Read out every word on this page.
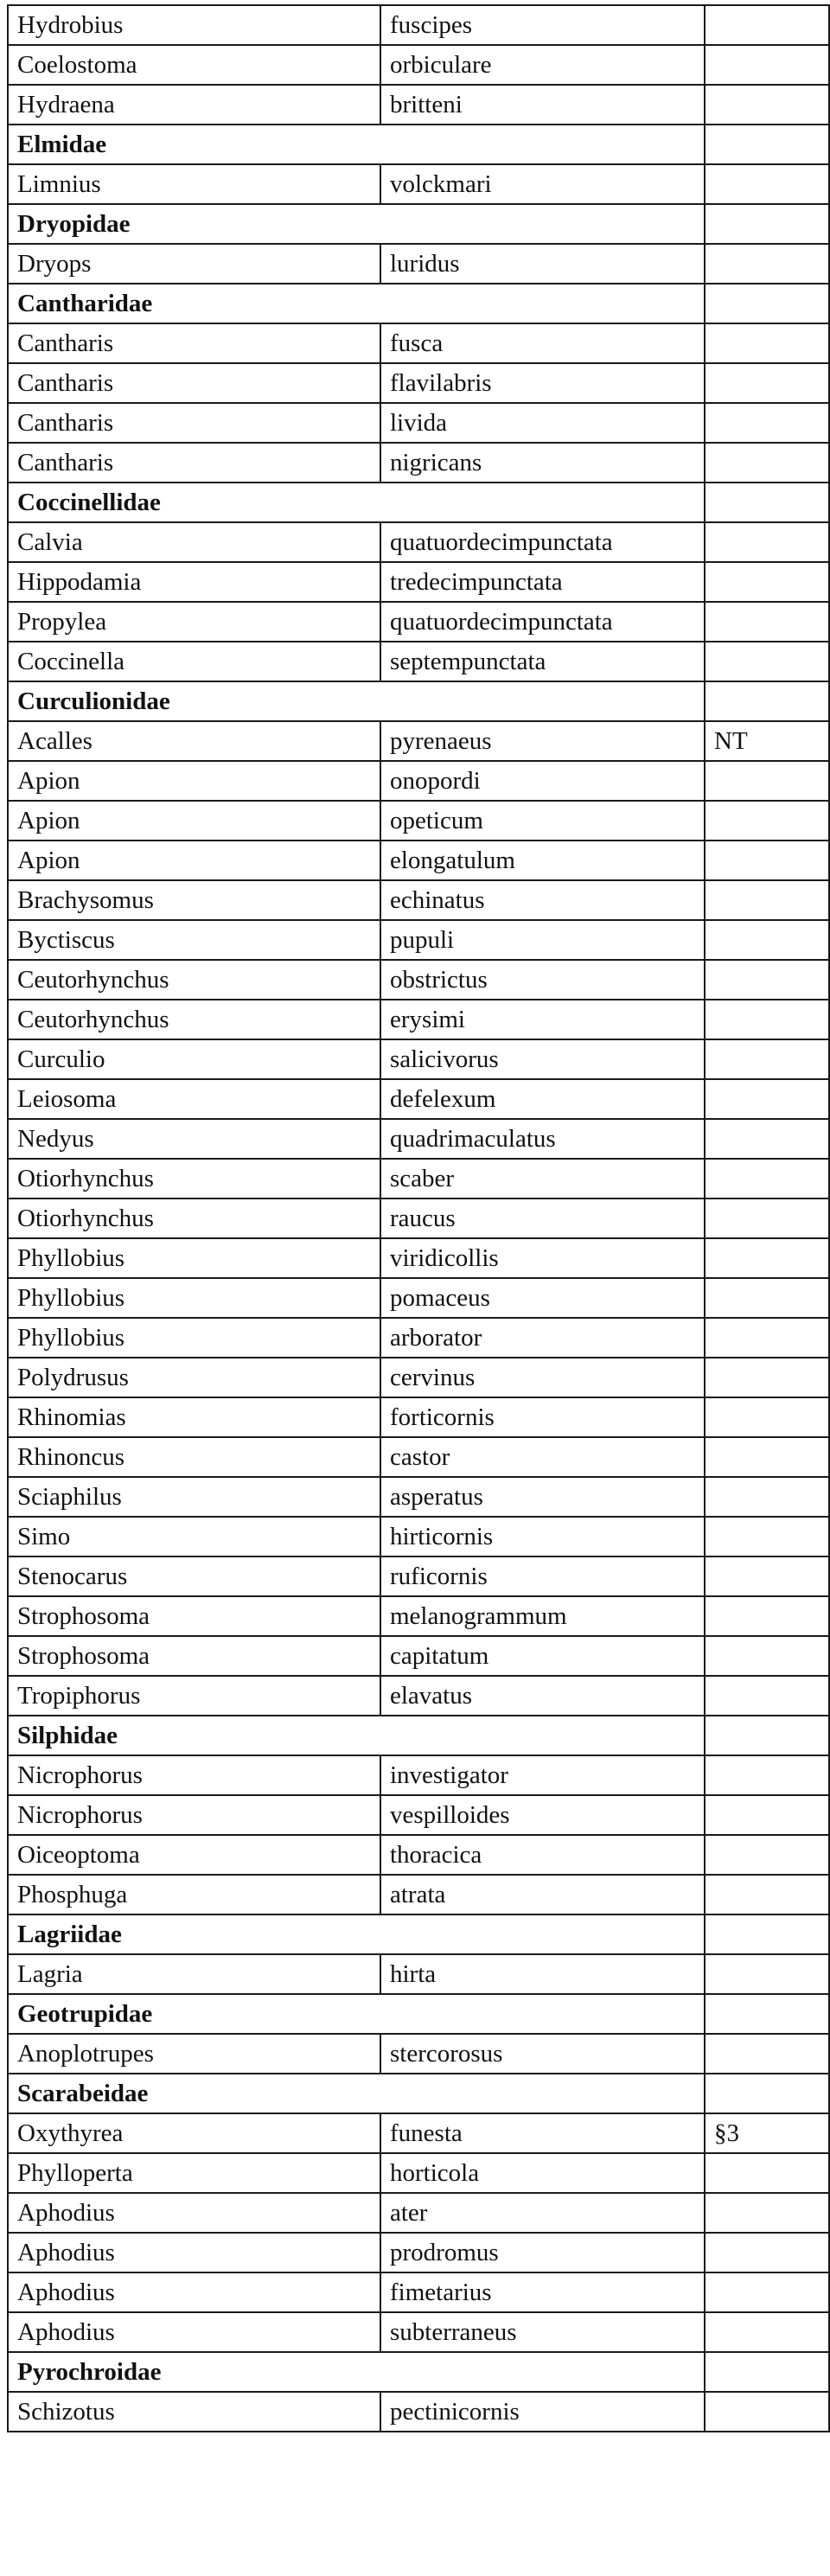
Hydrobius	fuscipes	
Coelostoma	orbiculare	
Hydraena	britteni	
Elmidae		
Limnius	volckmari	
Dryopidae		
Dryops	luridus	
Cantharidae		
Cantharis	fusca	
Cantharis	flavilabris	
Cantharis	livida	
Cantharis	nigricans	
Coccinellidae		
Calvia	quatuordecimpunctata	
Hippodamia	tredecimpunctata	
Propylea	quatuordecimpunctata	
Coccinella	septempunctata	
Curculionidae		
Acalles	pyrenaeus	NT
Apion	onopordi	
Apion	opeticum	
Apion	elongatulum	
Brachysomus	echinatus	
Byctiscus	pupuli	
Ceutorhynchus	obstrictus	
Ceutorhynchus	erysimi	
Curculio	salicivorus	
Leiosoma	defelexum	
Nedyus	quadrimaculatus	
Otiorhynchus	scaber	
Otiorhynchus	raucus	
Phyllobius	viridicollis	
Phyllobius	pomaceus	
Phyllobius	arborator	
Polydrusus	cervinus	
Rhinomias	forticornis	
Rhinoncus	castor	
Sciaphilus	asperatus	
Simo	hirticornis	
Stenocarus	ruficornis	
Strophosoma	melanogrammum	
Strophosoma	capitatum	
Tropiphorus	elavatus	
Silphidae		
Nicrophorus	investigator	
Nicrophorus	vespilloides	
Oiceoptoma	thoracica	
Phosphuga	atrata	
Lagriidae		
Lagria	hirta	
Geotrupidae		
Anoplotrupes	stercorosus	
Scarabeidae		
Oxythyrea	funesta	§3
Phylloperta	horticola	
Aphodius	ater	
Aphodius	prodromus	
Aphodius	fimetarius	
Aphodius	subterraneus	
Pyrochroidae		
Schizotus	pectinicornis	
